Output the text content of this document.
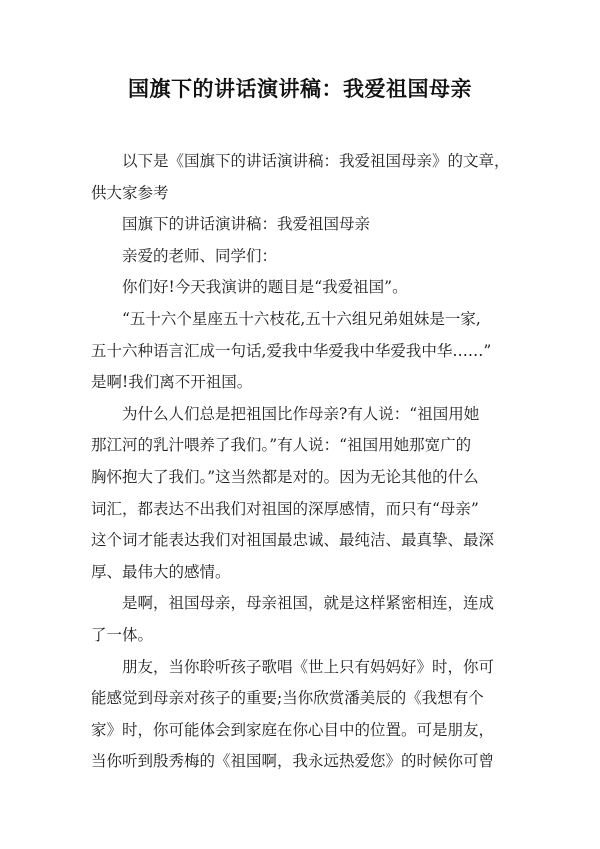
国旗下的讲话演讲稿：我爱祖国母亲
以下是《国旗下的讲话演讲稿：我爱祖国母亲》的文章，
供大家参考
国旗下的讲话演讲稿：我爱祖国母亲
亲爱的老师、同学们：
你们好!今天我演讲的题目是“我爱祖国”。
“五十六个星座五十六枝花,五十六组兄弟姐妹是一家,
五十六种语言汇成一句话,爱我中华爱我中华爱我中华……”
是啊!我们离不开祖国。
为什么人们总是把祖国比作母亲?有人说：“祖国用她
那江河的乳汁喂养了我们。”有人说：“祖国用她那宽广的
胸怀抱大了我们。”这当然都是对的。因为无论其他的什么
词汇，都表达不出我们对祖国的深厚感情，而只有“母亲”
这个词才能表达我们对祖国最忠诚、最纯洁、最真挚、最深
厚、最伟大的感情。
是啊，祖国母亲，母亲祖国，就是这样紧密相连，连成
了一体。
朋友，当你聆听孩子歌唱《世上只有妈妈好》时，你可
能感觉到母亲对孩子的重要;当你欣赏潘美辰的《我想有个
家》时，你可能体会到家庭在你心目中的位置。可是朋友，
当你听到殷秀梅的《祖国啊，我永远热爱您》的时候你可曾
